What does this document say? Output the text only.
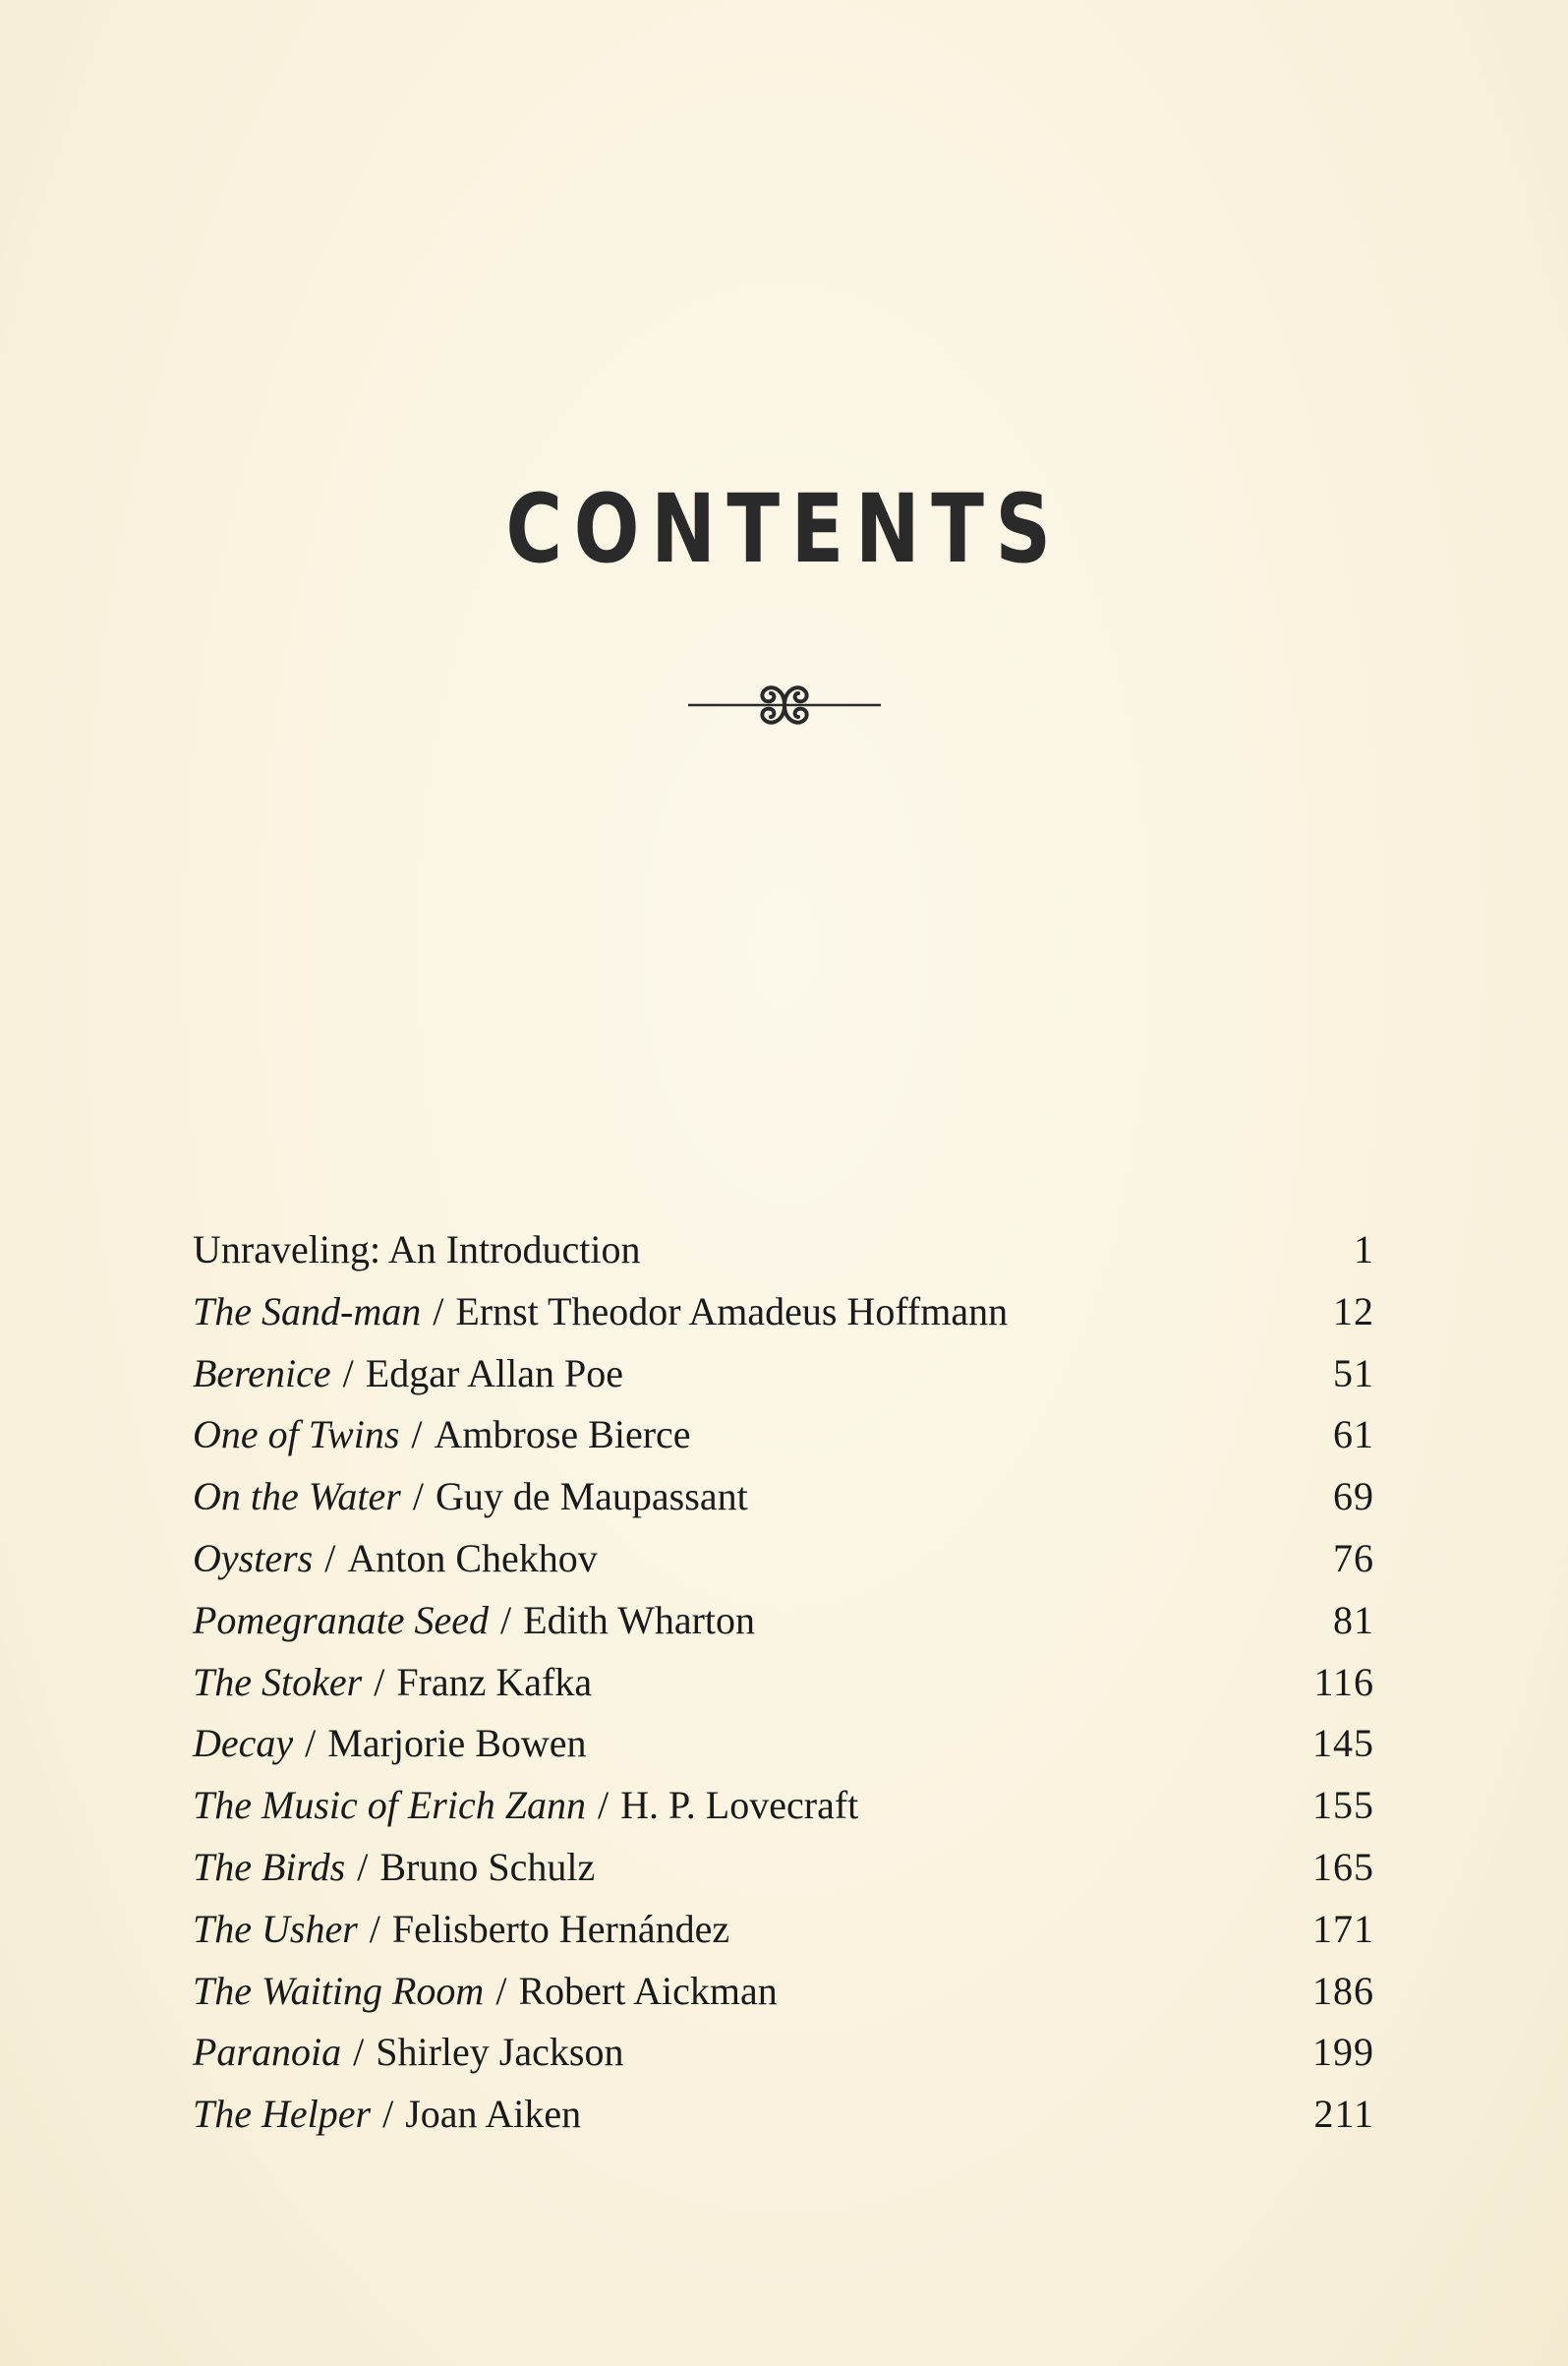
CONTENTS
Unraveling: An Introduction	1
The Sand-man / Ernst Theodor Amadeus Hoffmann	12
Berenice / Edgar Allan Poe	51
One of Twins / Ambrose Bierce	61
On the Water / Guy de Maupassant	69
Oysters / Anton Chekhov	76
Pomegranate Seed / Edith Wharton	81
The Stoker / Franz Kafka	116
Decay / Marjorie Bowen	145
The Music of Erich Zann / H. P. Lovecraft	155
The Birds / Bruno Schulz	165
The Usher / Felisberto Hernández	171
The Waiting Room / Robert Aickman	186
Paranoia / Shirley Jackson	199
The Helper / Joan Aiken	211
